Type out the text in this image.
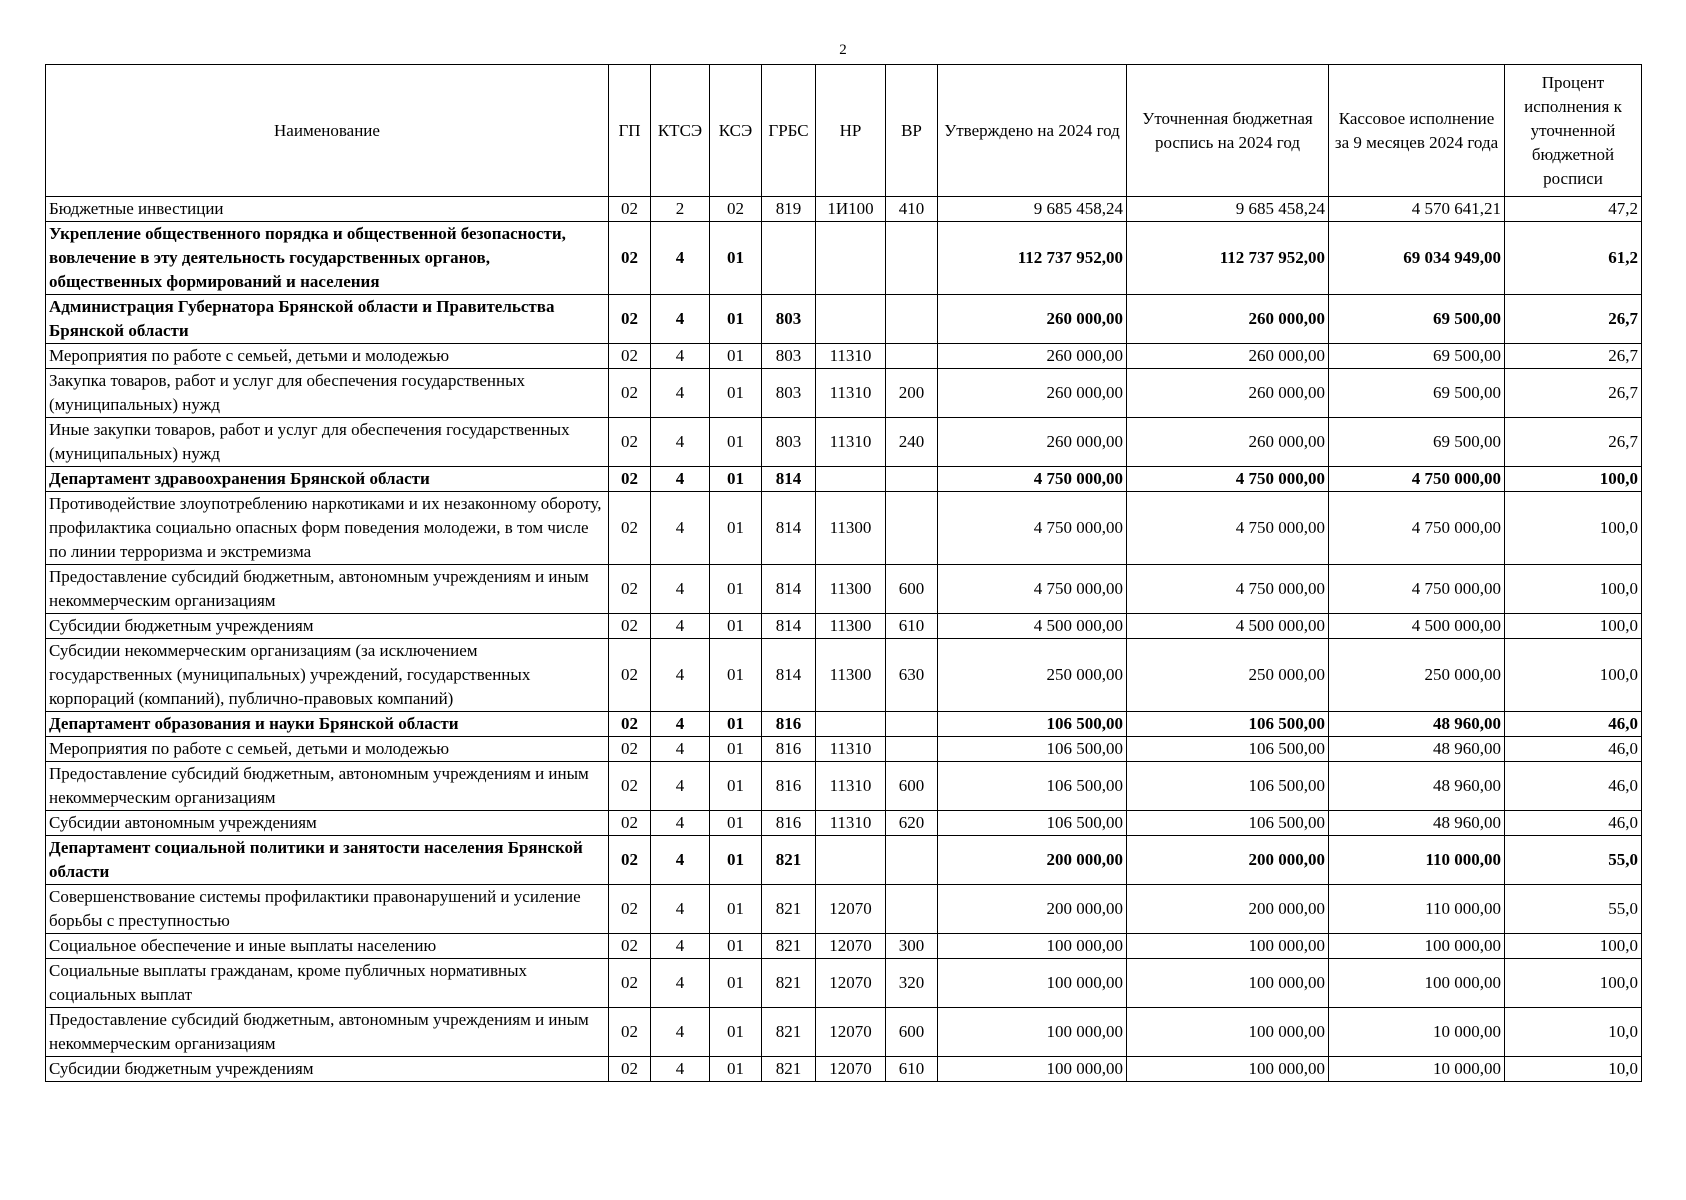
2
Наименование	ГП	КТСЭ	КСЭ	ГРБС	НР	ВР	Утверждено на 2024 год	Уточненная бюджетная роспись на 2024 год	Кассовое исполнение за 9 месяцев 2024 года	Процент исполнения к уточненной бюджетной росписи
Бюджетные инвестиции	02	2	02	819	1И100	410	9 685 458,24	9 685 458,24	4 570 641,21	47,2
Укрепление общественного порядка и общественной безопасности, вовлечение в эту деятельность государственных органов, общественных формирований и населения	02	4	01				112 737 952,00	112 737 952,00	69 034 949,00	61,2
Администрация Губернатора Брянской области и Правительства Брянской области	02	4	01	803			260 000,00	260 000,00	69 500,00	26,7
Мероприятия по работе с семьей, детьми и молодежью	02	4	01	803	11310		260 000,00	260 000,00	69 500,00	26,7
Закупка товаров, работ и услуг для обеспечения государственных (муниципальных) нужд	02	4	01	803	11310	200	260 000,00	260 000,00	69 500,00	26,7
Иные закупки товаров, работ и услуг для обеспечения государственных (муниципальных) нужд	02	4	01	803	11310	240	260 000,00	260 000,00	69 500,00	26,7
Департамент здравоохранения Брянской области	02	4	01	814			4 750 000,00	4 750 000,00	4 750 000,00	100,0
Противодействие злоупотреблению наркотиками и их незаконному обороту, профилактика социально опасных форм поведения молодежи, в том числе по линии терроризма и экстремизма	02	4	01	814	11300		4 750 000,00	4 750 000,00	4 750 000,00	100,0
Предоставление субсидий бюджетным, автономным учреждениям и иным некоммерческим организациям	02	4	01	814	11300	600	4 750 000,00	4 750 000,00	4 750 000,00	100,0
Субсидии бюджетным учреждениям	02	4	01	814	11300	610	4 500 000,00	4 500 000,00	4 500 000,00	100,0
Субсидии некоммерческим организациям (за исключением государственных (муниципальных) учреждений, государственных корпораций (компаний), публично-правовых компаний)	02	4	01	814	11300	630	250 000,00	250 000,00	250 000,00	100,0
Департамент образования и науки Брянской области	02	4	01	816			106 500,00	106 500,00	48 960,00	46,0
Мероприятия по работе с семьей, детьми и молодежью	02	4	01	816	11310		106 500,00	106 500,00	48 960,00	46,0
Предоставление субсидий бюджетным, автономным учреждениям и иным некоммерческим организациям	02	4	01	816	11310	600	106 500,00	106 500,00	48 960,00	46,0
Субсидии автономным учреждениям	02	4	01	816	11310	620	106 500,00	106 500,00	48 960,00	46,0
Департамент социальной политики и занятости населения Брянской области	02	4	01	821			200 000,00	200 000,00	110 000,00	55,0
Совершенствование системы профилактики правонарушений и усиление борьбы с преступностью	02	4	01	821	12070		200 000,00	200 000,00	110 000,00	55,0
Социальное обеспечение и иные выплаты населению	02	4	01	821	12070	300	100 000,00	100 000,00	100 000,00	100,0
Социальные выплаты гражданам, кроме публичных нормативных социальных выплат	02	4	01	821	12070	320	100 000,00	100 000,00	100 000,00	100,0
Предоставление субсидий бюджетным, автономным учреждениям и иным некоммерческим организациям	02	4	01	821	12070	600	100 000,00	100 000,00	10 000,00	10,0
Субсидии бюджетным учреждениям	02	4	01	821	12070	610	100 000,00	100 000,00	10 000,00	10,0
